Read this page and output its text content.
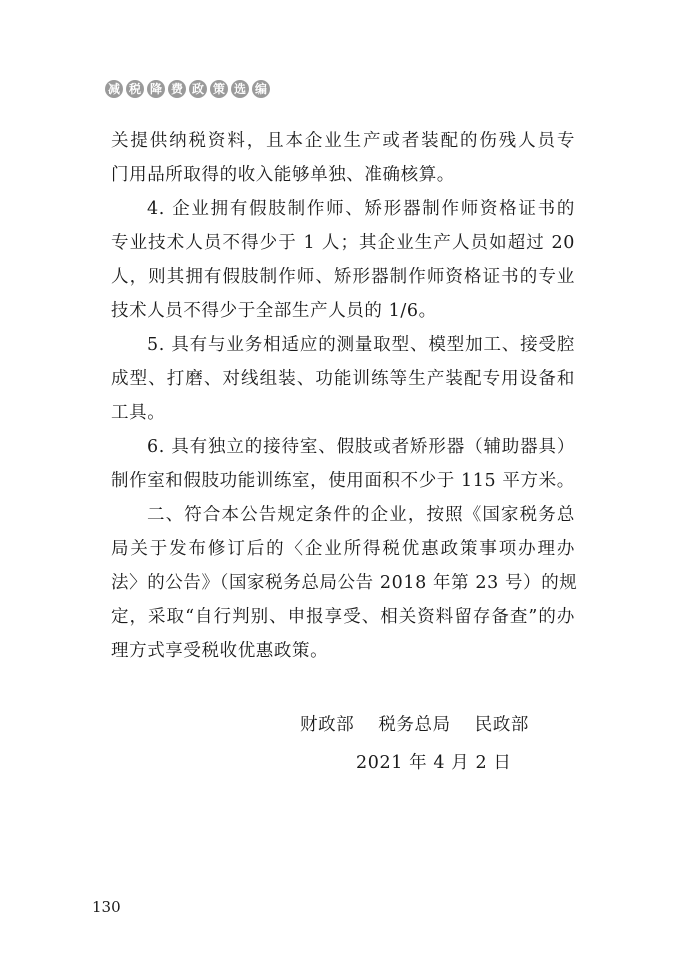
减 税 降 费 政 策 选 编

关提供纳税资料，且本企业生产或者装配的伤残人员专
门用品所取得的收入能够单独、准确核算。

4. 企业拥有假肢制作师、矫形器制作师资格证书的
专业技术人员不得少于 1 人；其企业生产人员如超过 20
人，则其拥有假肢制作师、矫形器制作师资格证书的专业
技术人员不得少于全部生产人员的 1/6。

5. 具有与业务相适应的测量取型、模型加工、接受腔
成型、打磨、对线组装、功能训练等生产装配专用设备和
工具。

6. 具有独立的接待室、假肢或者矫形器（辅助器具）
制作室和假肢功能训练室，使用面积不少于 115 平方米。

二、符合本公告规定条件的企业，按照《国家税务总
局关于发布修订后的〈企业所得税优惠政策事项办理办
法〉的公告》（国家税务总局公告 2018 年第 23 号）的规
定，采取“自行判别、申报享受、相关资料留存备查”的办
理方式享受税收优惠政策。

财政部 税务总局 民政部
2021 年 4 月 2 日
130
